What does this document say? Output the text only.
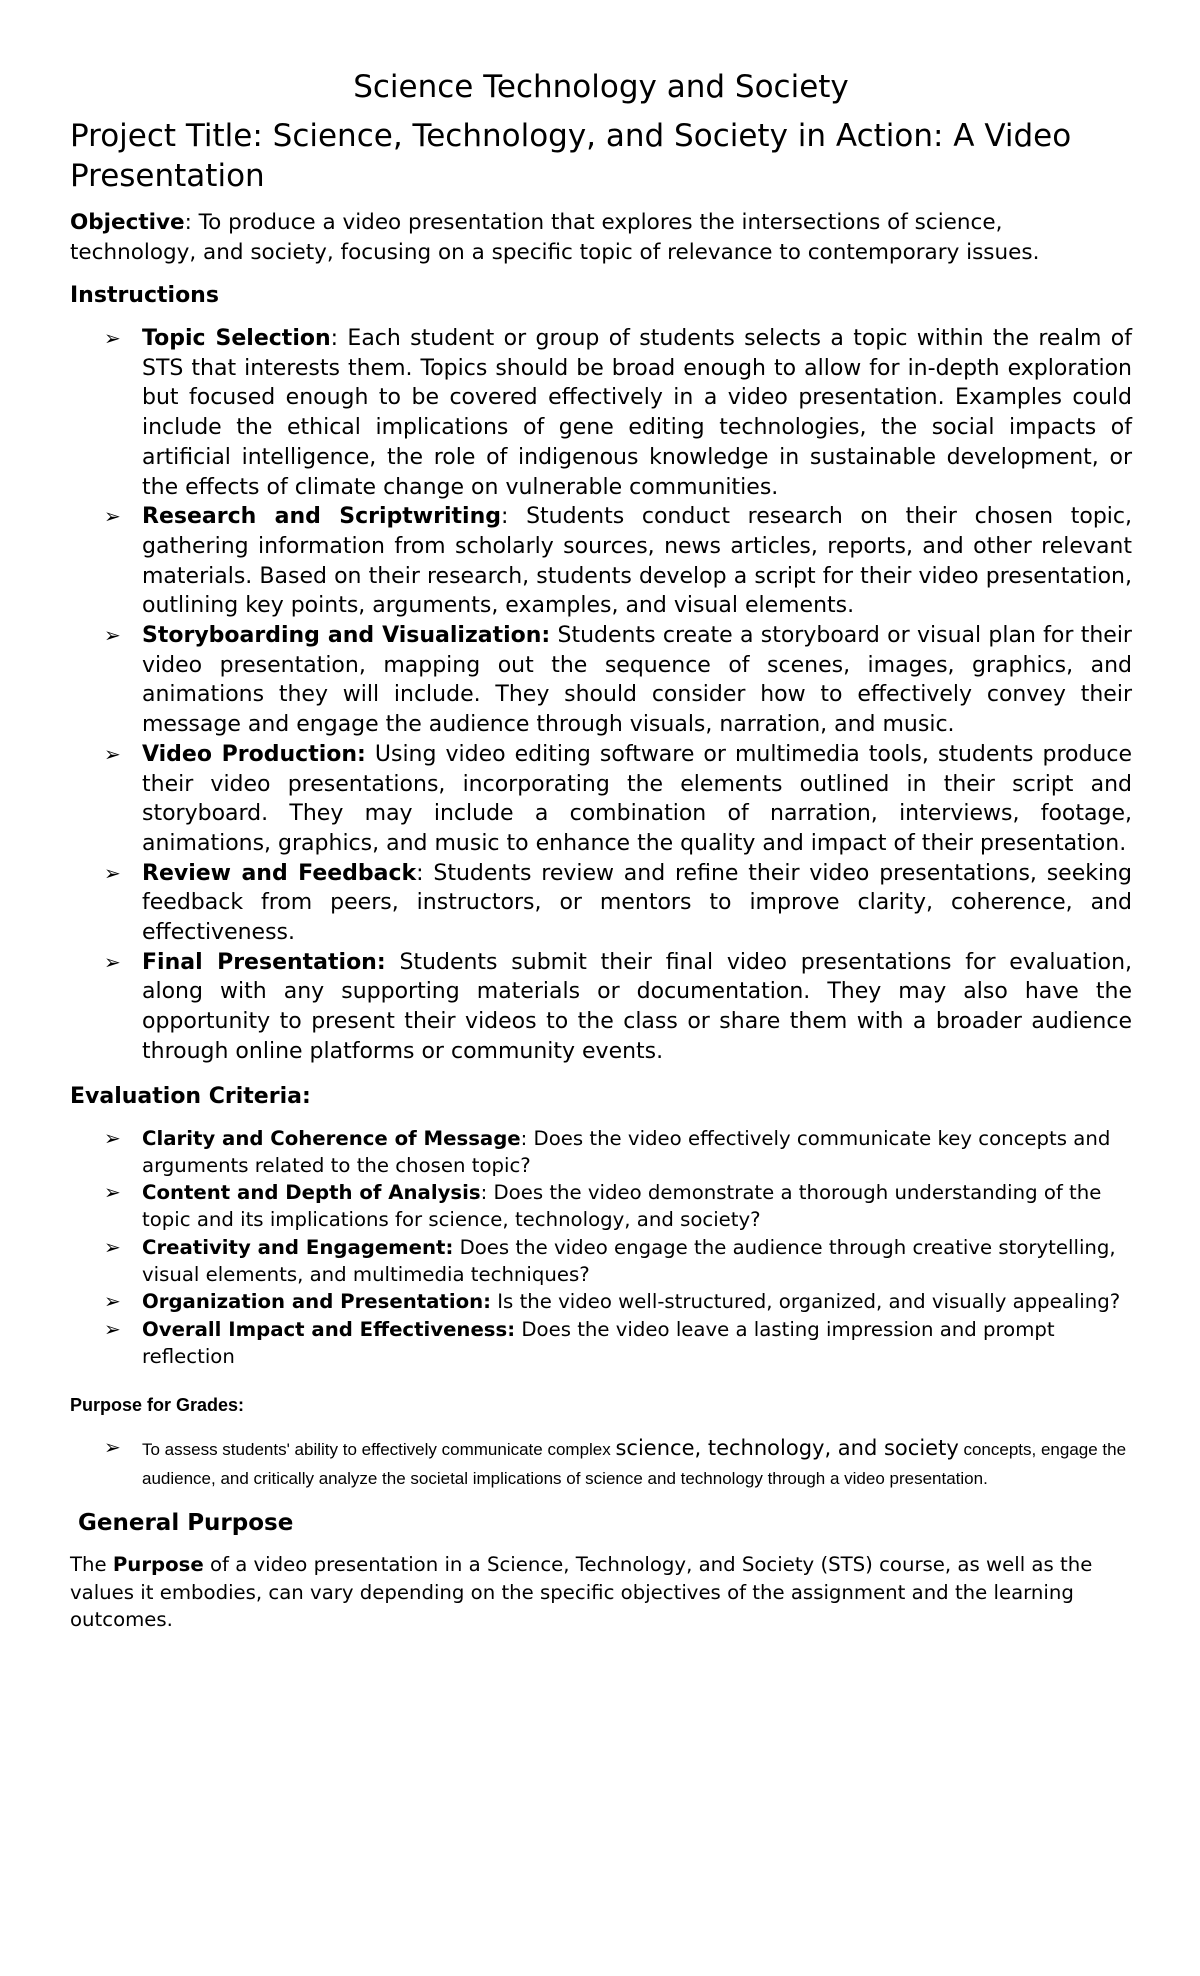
Science Technology and Society
Project Title: Science, Technology, and Society in Action: A Video Presentation

Objective: To produce a video presentation that explores the intersections of science, technology, and society, focusing on a specific topic of relevance to contemporary issues.

Instructions
➢ Topic Selection: Each student or group of students selects a topic within the realm of STS that interests them. Topics should be broad enough to allow for in-depth exploration but focused enough to be covered effectively in a video presentation. Examples could include the ethical implications of gene editing technologies, the social impacts of artificial intelligence, the role of indigenous knowledge in sustainable development, or the effects of climate change on vulnerable communities.
➢ Research and Scriptwriting: Students conduct research on their chosen topic, gathering information from scholarly sources, news articles, reports, and other relevant materials. Based on their research, students develop a script for their video presentation, outlining key points, arguments, examples, and visual elements.
➢ Storyboarding and Visualization: Students create a storyboard or visual plan for their video presentation, mapping out the sequence of scenes, images, graphics, and animations they will include. They should consider how to effectively convey their message and engage the audience through visuals, narration, and music.
➢ Video Production: Using video editing software or multimedia tools, students produce their video presentations, incorporating the elements outlined in their script and storyboard. They may include a combination of narration, interviews, footage, animations, graphics, and music to enhance the quality and impact of their presentation.
➢ Review and Feedback: Students review and refine their video presentations, seeking feedback from peers, instructors, or mentors to improve clarity, coherence, and effectiveness.
➢ Final Presentation: Students submit their final video presentations for evaluation, along with any supporting materials or documentation. They may also have the opportunity to present their videos to the class or share them with a broader audience through online platforms or community events.
Evaluation Criteria:
➢ Clarity and Coherence of Message: Does the video effectively communicate key concepts and arguments related to the chosen topic?
➢ Content and Depth of Analysis: Does the video demonstrate a thorough understanding of the topic and its implications for science, technology, and society?
➢ Creativity and Engagement: Does the video engage the audience through creative storytelling, visual elements, and multimedia techniques?
➢ Organization and Presentation: Is the video well-structured, organized, and visually appealing?
➢ Overall Impact and Effectiveness: Does the video leave a lasting impression and prompt reflection
Purpose for Grades:
➢ To assess students' ability to effectively communicate complex science, technology, and society concepts, engage the audience, and critically analyze the societal implications of science and technology through a video presentation.
General Purpose

The Purpose of a video presentation in a Science, Technology, and Society (STS) course, as well as the values it embodies, can vary depending on the specific objectives of the assignment and the learning outcomes.
